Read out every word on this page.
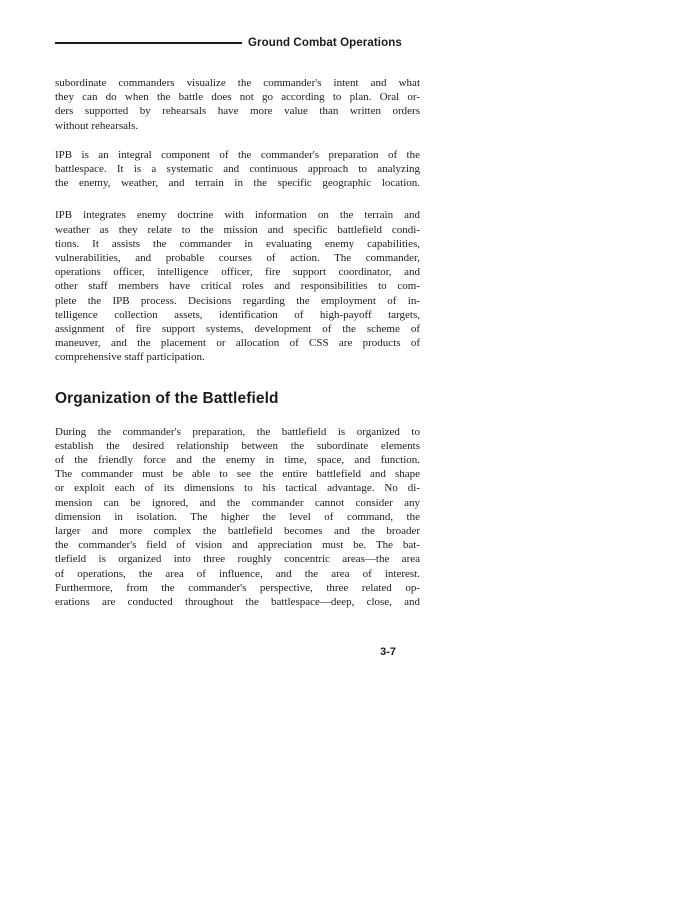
Ground Combat Operations

subordinate commanders visualize the commander's intent and what
they can do when the battle does not go according to plan. Oral or-
ders supported by rehearsals have more value than written orders
without rehearsals.

IPB is an integral component of the commander's preparation of the
battlespace. It is a systematic and continuous approach to analyzing
the enemy, weather, and terrain in the specific geographic location.

IPB integrates enemy doctrine with information on the terrain and
weather as they relate to the mission and specific battlefield condi-
tions. It assists the commander in evaluating enemy capabilities,
vulnerabilities, and probable courses of action. The commander,
operations officer, intelligence officer, fire support coordinator, and
other staff members have critical roles and responsibilities to com-
plete the IPB process. Decisions regarding the employment of in-
telligence collection assets, identification of high-payoff targets,
assignment of fire support systems, development of the scheme of
maneuver, and the placement or allocation of CSS are products of
comprehensive staff participation.

Organization of the Battlefield

During the commander's preparation, the battlefield is organized to
establish the desired relationship between the subordinate elements
of the friendly force and the enemy in time, space, and function.
The commander must be able to see the entire battlefield and shape
or exploit each of its dimensions to his tactical advantage. No di-
mension can be ignored, and the commander cannot consider any
dimension in isolation. The higher the level of command, the
larger and more complex the battlefield becomes and the broader
the commander's field of vision and appreciation must be. The bat-
tlefield is organized into three roughly concentric areas—the area
of operations, the area of influence, and the area of interest.
Furthermore, from the commander's perspective, three related op-
erations are conducted throughout the battlespace—deep, close, and

3-7
